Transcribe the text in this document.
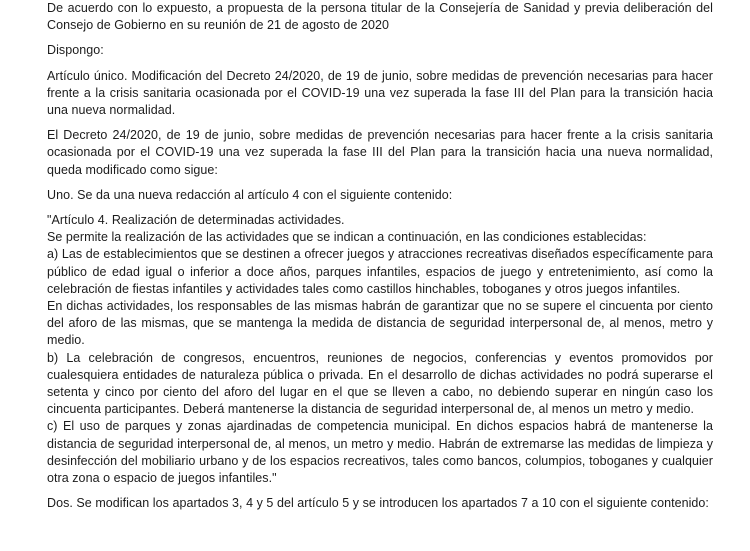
De acuerdo con lo expuesto, a propuesta de la persona titular de la Consejería de Sanidad y previa deliberación del Consejo de Gobierno en su reunión de 21 de agosto de 2020

Dispongo:

Artículo único. Modificación del Decreto 24/2020, de 19 de junio, sobre medidas de prevención necesarias para hacer frente a la crisis sanitaria ocasionada por el COVID-19 una vez superada la fase III del Plan para la transición hacia una nueva normalidad.

El Decreto 24/2020, de 19 de junio, sobre medidas de prevención necesarias para hacer frente a la crisis sanitaria ocasionada por el COVID-19 una vez superada la fase III del Plan para la transición hacia una nueva normalidad, queda modificado como sigue:

Uno. Se da una nueva redacción al artículo 4 con el siguiente contenido:

"Artículo 4. Realización de determinadas actividades.

Se permite la realización de las actividades que se indican a continuación, en las condiciones establecidas:

a) Las de establecimientos que se destinen a ofrecer juegos y atracciones recreativas diseñados específicamente para público de edad igual o inferior a doce años, parques infantiles, espacios de juego y entretenimiento, así como la celebración de fiestas infantiles y actividades tales como castillos hinchables, toboganes y otros juegos infantiles.

En dichas actividades, los responsables de las mismas habrán de garantizar que no se supere el cincuenta por ciento del aforo de las mismas, que se mantenga la medida de distancia de seguridad interpersonal de, al menos, metro y medio.

b) La celebración de congresos, encuentros, reuniones de negocios, conferencias y eventos promovidos por cualesquiera entidades de naturaleza pública o privada. En el desarrollo de dichas actividades no podrá superarse el setenta y cinco por ciento del aforo del lugar en el que se lleven a cabo, no debiendo superar en ningún caso los cincuenta participantes. Deberá mantenerse la distancia de seguridad interpersonal de, al menos un metro y medio.

c) El uso de parques y zonas ajardinadas de competencia municipal. En dichos espacios habrá de mantenerse la distancia de seguridad interpersonal de, al menos, un metro y medio. Habrán de extremarse las medidas de limpieza y desinfección del mobiliario urbano y de los espacios recreativos, tales como bancos, columpios, toboganes y cualquier otra zona o espacio de juegos infantiles."

Dos. Se modifican los apartados 3, 4 y 5 del artículo 5 y se introducen los apartados 7 a 10 con el siguiente contenido:
